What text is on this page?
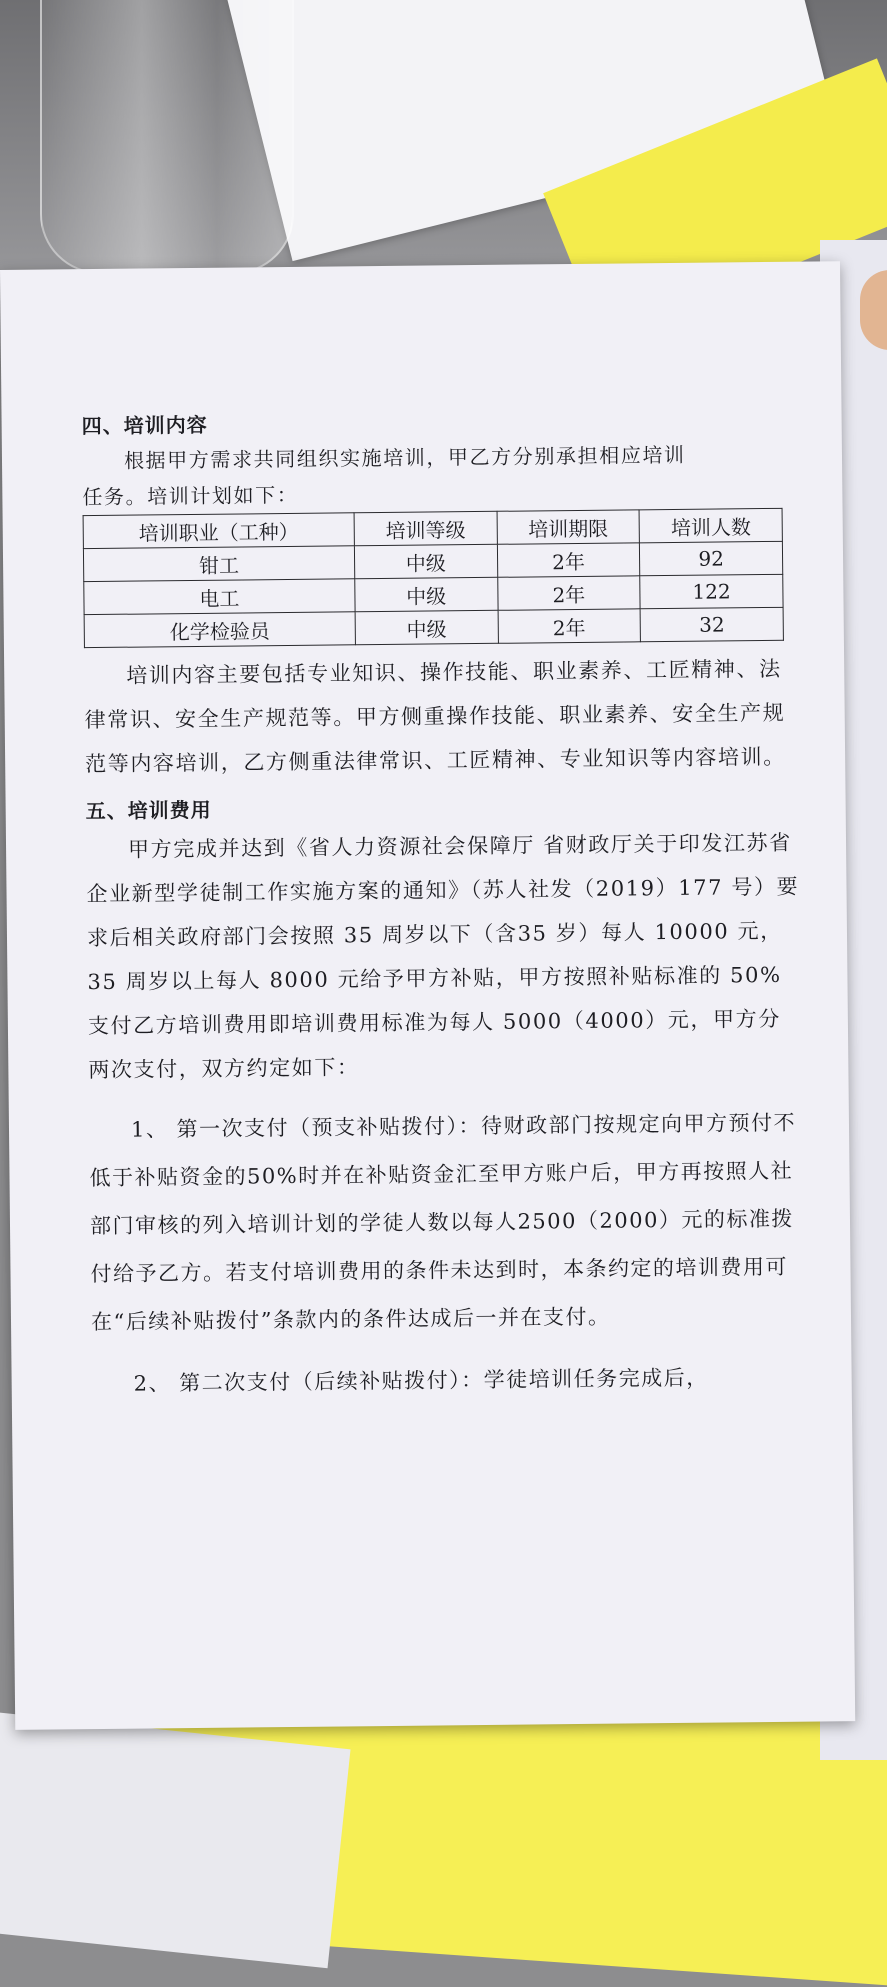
四、培训内容

根据甲方需求共同组织实施培训，甲乙方分别承担相应培训

任务。培训计划如下：

培训职业（工种）	培训等级	培训期限	培训人数
钳工	中级	2年	92
电工	中级	2年	122
化学检验员	中级	2年	32

培训内容主要包括专业知识、操作技能、职业素养、工匠精神、法律常识、安全生产规范等。甲方侧重操作技能、职业素养、安全生产规范等内容培训，乙方侧重法律常识、工匠精神、专业知识等内容培训。

五、培训费用

甲方完成并达到《省人力资源社会保障厅 省财政厅关于印发江苏省企业新型学徒制工作实施方案的通知》（苏人社发（2019）177 号）要求后相关政府部门会按照 35 周岁以下（含35 岁）每人 10000 元，35 周岁以上每人 8000 元给予甲方补贴，甲方按照补贴标准的 50%支付乙方培训费用即培训费用标准为每人 5000（4000）元，甲方分两次支付，双方约定如下：

1、 第一次支付（预支补贴拨付）：待财政部门按规定向甲方预付不低于补贴资金的50%时并在补贴资金汇至甲方账户后，甲方再按照人社部门审核的列入培训计划的学徒人数以每人2500（2000）元的标准拨付给予乙方。若支付培训费用的条件未达到时，本条约定的培训费用可在“后续补贴拨付”条款内的条件达成后一并在支付。

2、 第二次支付（后续补贴拨付）：学徒培训任务完成后，
